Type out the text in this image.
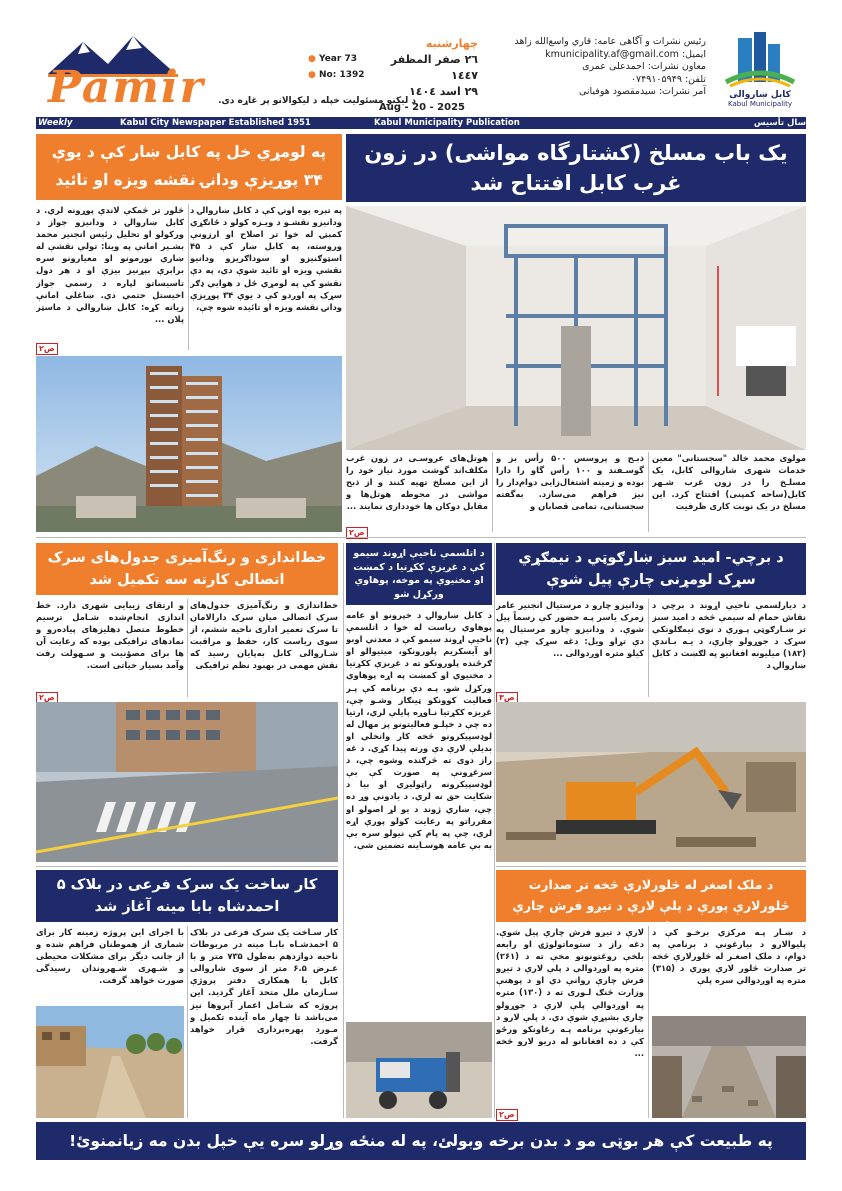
Pamir
● Year 73
● No: 1392
چهارشنبه
٢٦ صفر المظفر ١٤٤٧
٢٩ اسد ١٤٠٤
Aug - 20 - 2025
د لیکنو مسئولیت خپله د لیکوالانو پر غاړه دی.
رئیس نشرات و آگاهی عامه: قاري واسع‌الله زاهد
ایمیل: kmunicipality.af@gmail.com
معاون نشرات: احمدعلی عمری
تلفن: ۰۷۴۹۱۰۵۹۴۹
آمر نشرات: سیدمقصود هوفیانی	کابل ښاروالی
Kabul Municipality
Weekly	Kabul City Newspaper Established 1951	Kabul Municipality Publication	سال تأسیس
یک باب مسلخ (کشتارگاه مواشی) در زون غرب کابل افتتاح شد
مولوی محمد خالد "سجستانی" معین خدمات شهری شاروالی کابل، یک مسلـخ را در زون غرب شـهر کابل(ساحه کمپنی) افتتاح کرد. این مسلخ در یک نوبت کاری ظرفیت
ذبـح و پروسس ۵۰۰ رأس بز و گوسـفند و ۱۰۰ رأس گاو را دارا بوده و زمینه اشتغال‌زایی دوام‌دار را نیز فراهم می‌سازد. به‌گفته سجستانی، تمامی قصابان و
هوتل‌های عروسـی در زون غرب مکلف‌اند گوشت مورد نیاز خود را از این مسلخ تهیه کنند و از ذبح مواشی در محوطه هوتل‌ها و مقابل دوکان ها خودداری نمایند ...
ص۲
په لومړي خل په کابل ښار کې د یوې ۳۴ پوړیزې ودانۍ نقشه ویزه او تائید شوه
په تېره یوه اونۍ کې د کابل ښاروالۍ د ودانیزو نقشـو د ویـزه کولو د ځانګړي کمېټۍ له خوا تر اصلاح او ارزونې وروسته، په کابل ښار کې د ۴۵ اسټوګنیزو او سوداګریزو ودانیو نقشې ویزه او تائید شوې دي، په دې نقشو کې په لومړي ځل د هوايي ډګر سړک په اوږدو کې د یوې ۳۴ پوړیزې ودانۍ نقشه ویزه او تائیده شوه چې،
څلور تر څمکې لاندې پوړونه لري. د کابل ښاروالۍ د ودانیزو جواز د ورکولو او تحلیل رئیس انجنیر محمد بشـیر امانې په وینا: تولې نقشې له ښاري نورمونو او معیارونو سره برابرې بېړنیز بیزې او د هر دول تاسیساتو لپاره د رسمي جواز اخيستل حتمي دي. ښاغلي امانې زیاته کړه: کابل ښاروالي د ماسټر پلان ...
ص۲
د برچي- امید سبز ښارګوټي د نیمګړي سړک لومړنی چارې پیل شوې
د دیارلسمې ناحیې اړوند د برچي د نقاش حمام له سیمې څخه د امید سبز تر ښـارګوټي پـورې د نوي نیمګلوتکي سړک د جوړولو چارې، د یـه بـاندې (۱۸۲) میلیونه افغانیو په لګښت د کابل ښاروالۍ د
ودانیزو چارو د مرستیال انجنیر عامر زمرک یاسر پـه حضور کې رسماً پیل شوې. د ودانیزو چارو مرستیال په دې تړاو ویل: دغه سړک چې (۲) کیلو متره اوږدوالی ...
ص۳
د اتلسمې ناحیې اړوند سیمو کې د غږیزې ککړتیا د کمښت او مخنیوي په موخه، پوهاوي ورکړل شو
د کابل ښاروالۍ د خپرونو او عامه پوهاوي ریاست له خوا د اتلسمې ناحیې اړوند سیمو کې د معدني اوبو او آیسکریم پلورونکو، میتیوالو او ګرځنده پلورونکو ته د غږیزې ککړتیا د مخنیوي او کمښت په اړه پوهاوي ورکړل شو. پـه دې برنامه کې پـر فعالیت کوونکو ټینګار وشـو چې، غږیزه ککړتیا نـاوړه پایلې لري، ارتیا ده چې د خپلـو فعالیتونو پر مهال له لوډسپیکرونو څخه کار وانخلي او بدیلې لارې دې ورته پیدا کړي. د غه راز دوی ته څرګنده وشوه چې، د سرغړونې په صورت کې بې لوډسپیکرونه راټولیږي او بیا د شکایت حق نه لري. د یادونې وړ ده چې، ښاري ژوند د یو لړ اصولو او مقرراتو په رعایت کولو پورې اړه لري، چې په پام کې نیولو سره یې به بې عامه هوسـاینه تضمین شي.
خط‌اندازی و رنگ‌آمیزی جدول‌های سرک اتصالی کارته سه تکمیل شد
خط‌اندازی و رنگ‌آمیزی جدول‌های سرک اتصالی میان سرک دارالامان تا سرک تعمیر اداری ناحیه ششم، از سوی ریاست کار، حفظ و مراقبت شـاروالی کابل به‌پایان رسید که نقش مهمی در بهبود نظم ترافیکی
و ارتقای زیبایی شهری دارد. خط اندازی انجام‌شده شـامل ترسیم خطوط متصل دهلیزهای پیاده‌رو و نمادهای ترافیکی بوده که رعایت آن ها برای مصؤنیت و سـهولت رفت وآمد بسیار حیاتی است.
ص۲
کار ساخت یک سرک فرعی در بلاک ۵ احمدشاه بابا مینه آغاز شد
کار سـاخت یک سرک فرعی در بلاک ۵ احمدشـاه بابـا مینه در مربوطات ناحیه دوازدهم به‌طول ۷۳۵ متر و با عـرض ۶.۵ متر از سوی شاروالی کابل با همکاری دفتر پروژې سـازمان ملل متحد آغاز گردید. این پروژه که شـامل اعمار آبروها نیز می‌باشد تا چهار ماه آینده تکمیل و مـورد بهره‌برداری قرار خواهد گرفت.
با اجرای این پروژه زمینه کار برای شماری از هموطنان فراهم شده و از جانب دیگر برای مشکلات محیطی و شـهری شـهروندان رسیدگی صورت خواهد گرفت.
د ملک اصغر له څلورلارې څخه تر صدارت څلورلارې پورې د پلې لارې د تیږو فرش چارې پیل شوې
د ښـار پـه مرکزي برخـو کې د پلیوالارو د بیارغونې د برنامې په دوام، د ملک اصغـر له څلورلارې څخه تر صدارت څلور لارې پورې د (۳۱۵) متره په اوږدوالي سره پلې
لارې د تیږو فرش چارې پیل شوې. دغه راز د ستوماتولوژۍ او رابعه بلخې روغتونونو مخې ته د (۲۶۱) متره په اوږدوالي د پلې لارې د تیږو فرش چارې روانې دي او د پوهنې وزارت څنګ لـوری ته د (۱۳۰) متره په اوږدوالي پلې لارې د جوړولو چارې بشپړې شوې دي. د پلې لارو د بیارغونې برنامه پـه رغاونکو ورځو کې د ده افغانانو له دریو لارو څخه ...
ص۲
په طبیعت کې هر بوټی مو د بدن برخه وبولئ، په له منځه وړلو سره یې خپل بدن مه زیانمنوئ!
